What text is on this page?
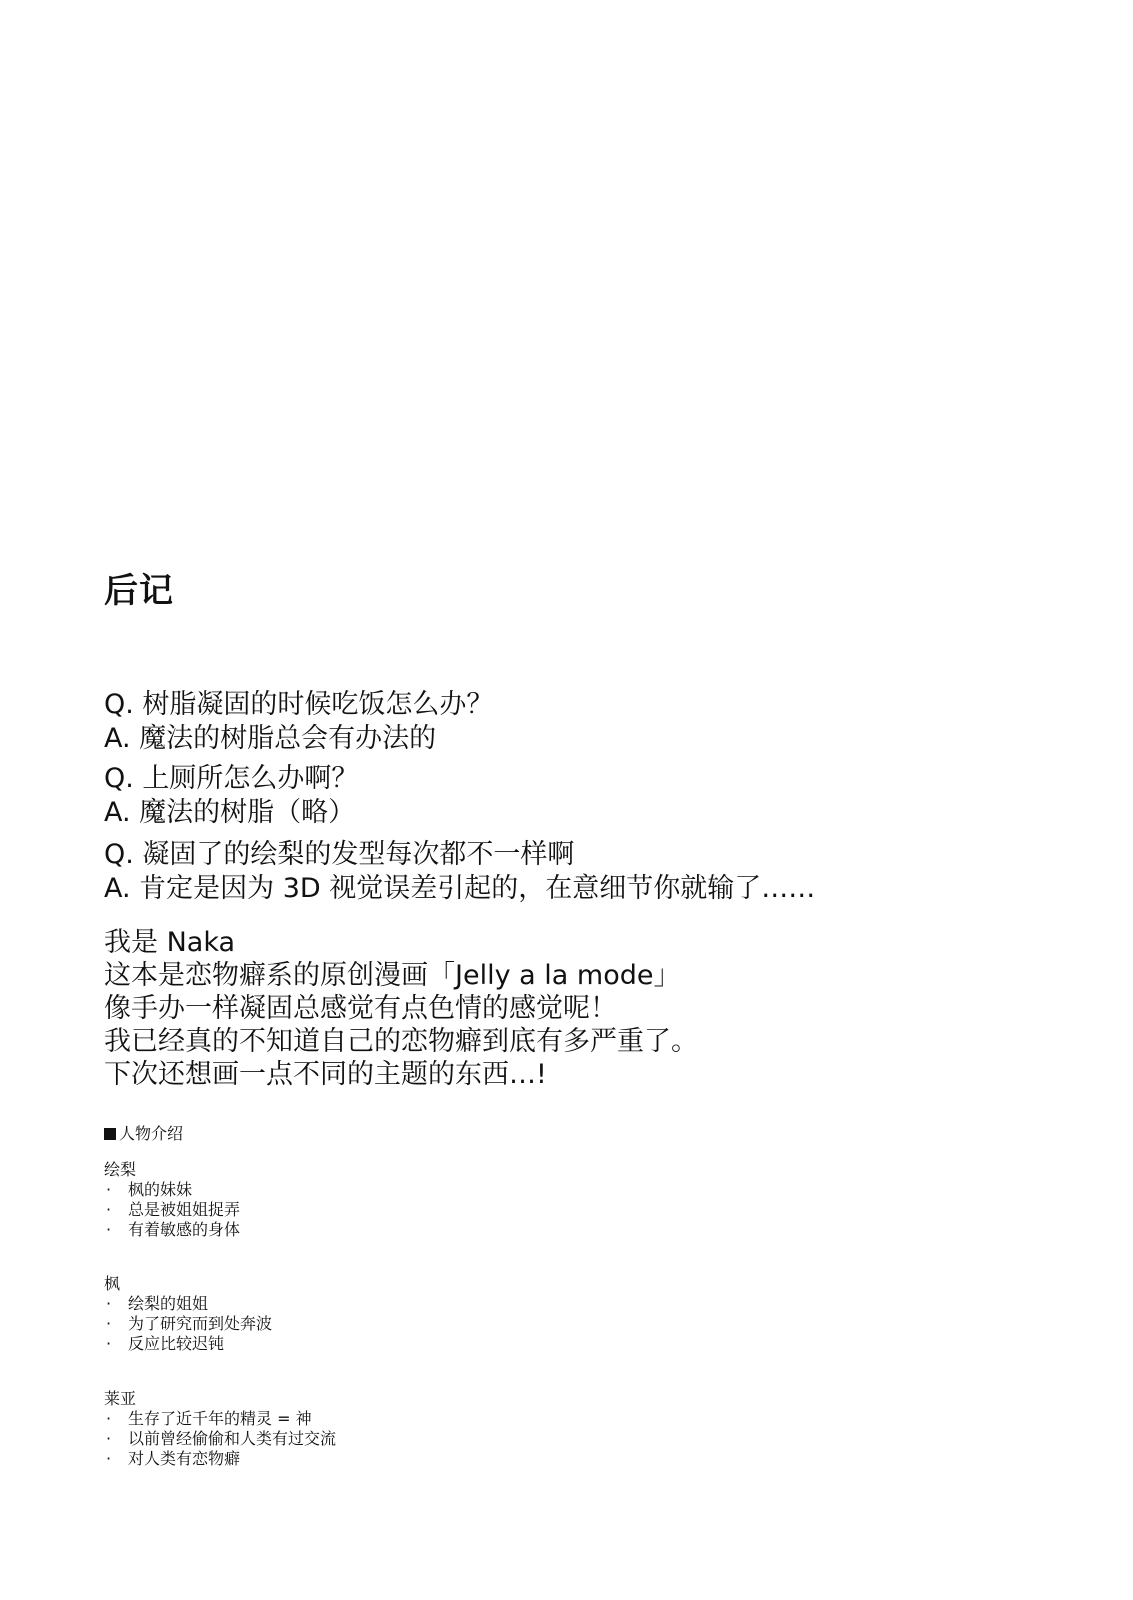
后记

Q. 树脂凝固的时候吃饭怎么办？

A. 魔法的树脂总会有办法的

Q. 上厕所怎么办啊？

A. 魔法的树脂（略）

Q. 凝固了的绘梨的发型每次都不一样啊

A. 肯定是因为 3D 视觉误差引起的，在意细节你就输了……

我是 Naka

这本是恋物癖系的原创漫画「Jelly a la mode」

像手办一样凝固总感觉有点色情的感觉呢！

我已经真的不知道自己的恋物癖到底有多严重了。

下次还想画一点不同的主题的东西…!

人物介绍

绘梨

· 枫的妹妹

· 总是被姐姐捉弄

· 有着敏感的身体

枫

· 绘梨的姐姐

· 为了研究而到处奔波

· 反应比较迟钝

莱亚

· 生存了近千年的精灵 = 神

· 以前曾经偷偷和人类有过交流

· 对人类有恋物癖
